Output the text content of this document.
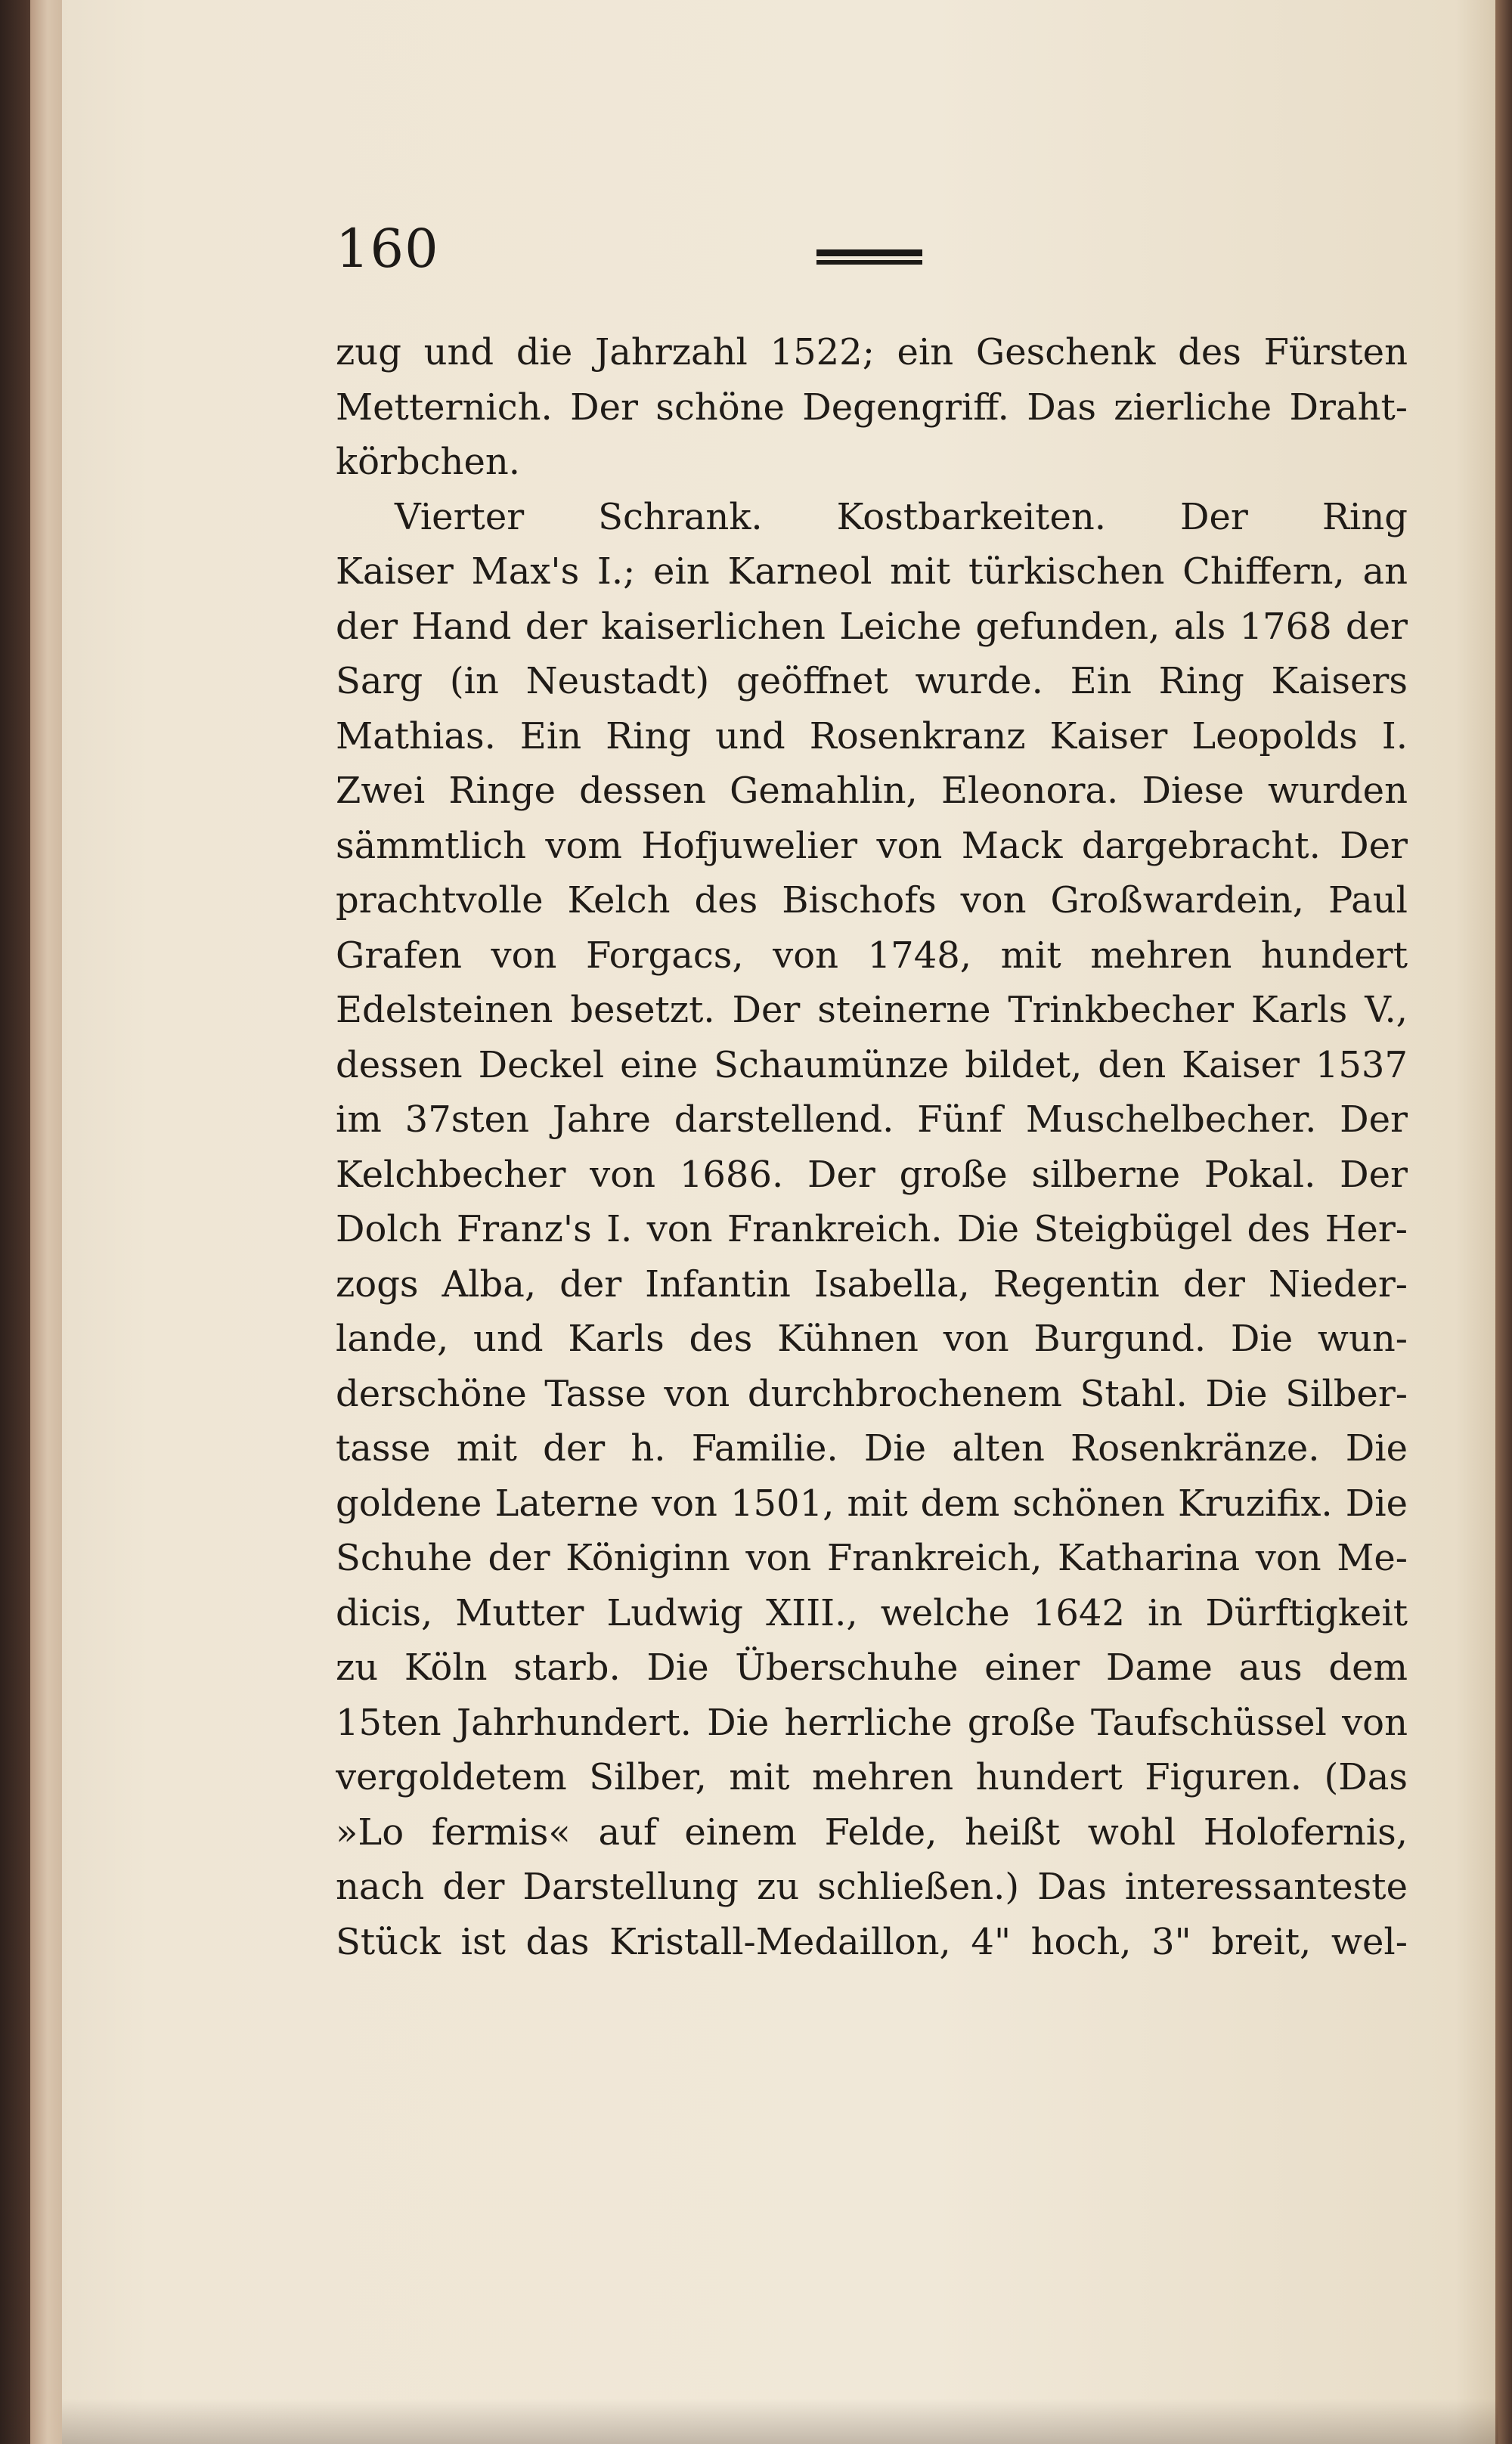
160
zug und die Jahrzahl 1522; ein Geschenk des Fürsten
Metternich. Der schöne Degengriff. Das zierliche Draht-
körbchen.
Vierter Schrank. Kostbarkeiten. Der Ring
Kaiser Max's I.; ein Karneol mit türkischen Chiffern, an
der Hand der kaiserlichen Leiche gefunden, als 1768 der
Sarg (in Neustadt) geöffnet wurde. Ein Ring Kaisers
Mathias. Ein Ring und Rosenkranz Kaiser Leopolds I.
Zwei Ringe dessen Gemahlin, Eleonora. Diese wurden
sämmtlich vom Hofjuwelier von Mack dargebracht. Der
prachtvolle Kelch des Bischofs von Großwardein, Paul
Grafen von Forgacs, von 1748, mit mehren hundert
Edelsteinen besetzt. Der steinerne Trinkbecher Karls V.,
dessen Deckel eine Schaumünze bildet, den Kaiser 1537
im 37sten Jahre darstellend. Fünf Muschelbecher. Der
Kelchbecher von 1686. Der große silberne Pokal. Der
Dolch Franz's I. von Frankreich. Die Steigbügel des Her-
zogs Alba, der Infantin Isabella, Regentin der Nieder-
lande, und Karls des Kühnen von Burgund. Die wun-
derschöne Tasse von durchbrochenem Stahl. Die Silber-
tasse mit der h. Familie. Die alten Rosenkränze. Die
goldene Laterne von 1501, mit dem schönen Kruzifix. Die
Schuhe der Königinn von Frankreich, Katharina von Me-
dicis, Mutter Ludwig XIII., welche 1642 in Dürftigkeit
zu Köln starb. Die Überschuhe einer Dame aus dem
15ten Jahrhundert. Die herrliche große Taufschüssel von
vergoldetem Silber, mit mehren hundert Figuren. (Das
»Lo fermis« auf einem Felde, heißt wohl Holofernis,
nach der Darstellung zu schließen.) Das interessanteste
Stück ist das Kristall-Medaillon, 4" hoch, 3" breit, wel-
